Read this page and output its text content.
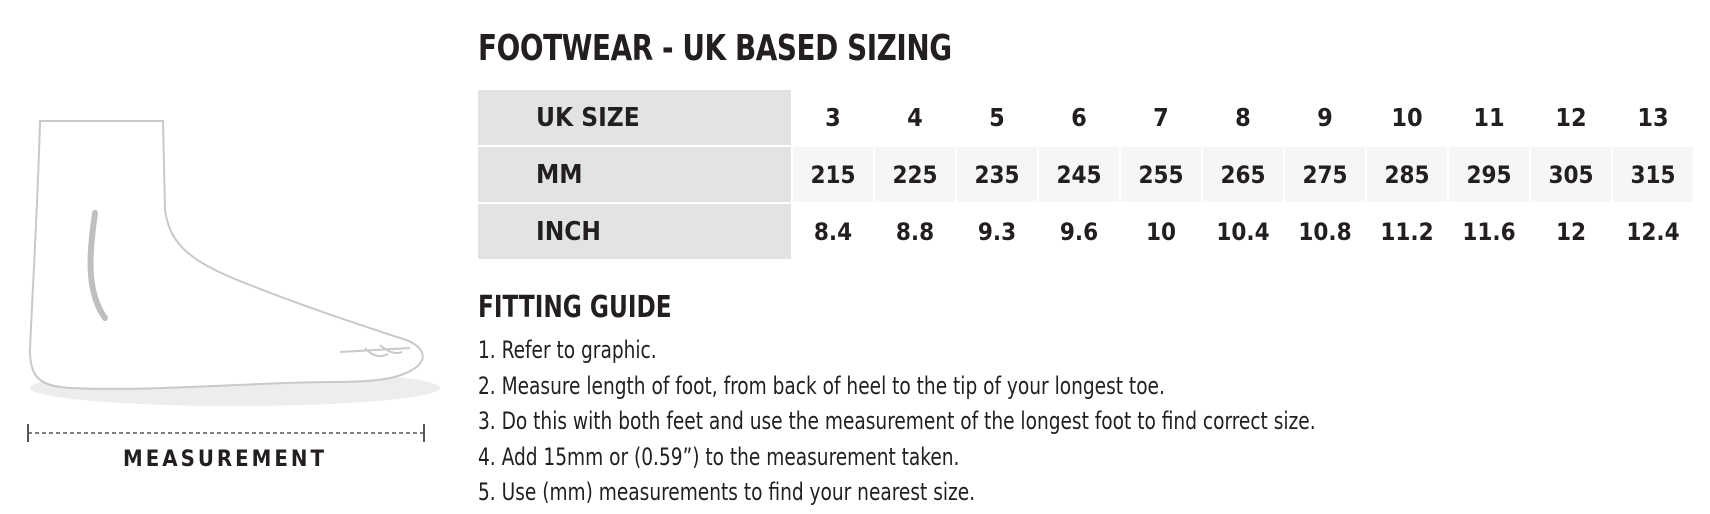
MEASUREMENT
FOOTWEAR - UK BASED SIZING
UK SIZE	3	4	5	6	7	8	9	10	11	12	13
MM	215	225	235	245	255	265	275	285	295	305	315
INCH	8.4	8.8	9.3	9.6	10	10.4	10.8	11.2	11.6	12	12.4
FITTING GUIDE
1. Refer to graphic.
2. Measure length of foot, from back of heel to the tip of your longest toe.
3. Do this with both feet and use the measurement of the longest foot to find correct size.
4. Add 15mm or (0.59”) to the measurement taken.
5. Use (mm) measurements to find your nearest size.
